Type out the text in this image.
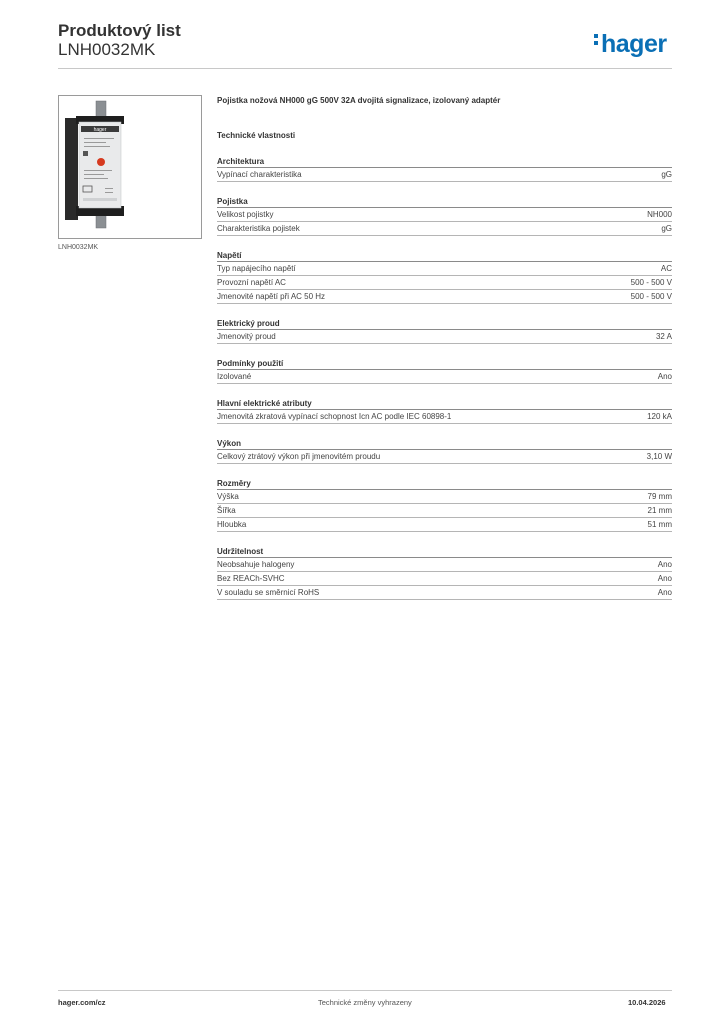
Produktový list
LNH0032MK	hager
hager
LNH0032MK
Pojistka nožová NH000 gG 500V 32A dvojitá signalizace, izolovaný adaptér
Technické vlastnosti
Architektura
Vypínací charakteristika	gG
Pojistka
Velikost pojistky	NH000
Charakteristika pojistek	gG
Napětí
Typ napájecího napětí	AC
Provozní napětí AC	500 - 500 V
Jmenovité napětí při AC 50 Hz	500 - 500 V
Elektrický proud
Jmenovitý proud	32 A
Podmínky použití
Izolované	Ano
Hlavní elektrické atributy
Jmenovitá zkratová vypínací schopnost Icn AC podle IEC 60898-1	120 kA
Výkon
Celkový ztrátový výkon při jmenovitém proudu	3,10 W
Rozměry
Výška	79 mm
Šířka	21 mm
Hloubka	51 mm
Udržitelnost
Neobsahuje halogeny	Ano
Bez REACh-SVHC	Ano
V souladu se směrnicí RoHS	Ano
hager.com/cz	Technické změny vyhrazeny	10.04.2026
